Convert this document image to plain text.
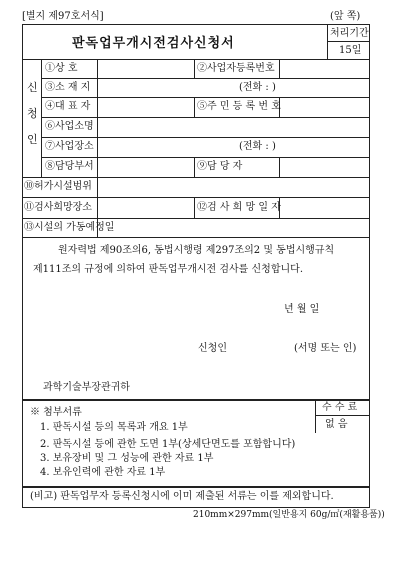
[별지 제97호서식]	(앞 쪽)
판독업무개시전검사신청서
처리기간
15일
신
청
인
①상 호	②사업자등록번호
③소 재 지	(전화 : )
④대 표 자	⑤주 민 등 록 번 호
⑥사업소명
⑦사업장소	(전화 : )
⑧담당부서	⑨담 당 자
⑩허가시설범위
⑪검사희망장소	⑫검 사 희 망 일 자
⑬시설의 가동예정일
원자력법 제90조의6, 동법시행령 제297조의2 및 동법시행규칙
제111조의 규정에 의하여 판독업무개시전 검사를 신청합니다.
년 월 일
신청인	(서명 또는 인)
과학기술부장관귀하
수 수 료
없 음
※ 첨부서류
1. 판독시설 등의 목록과 개요 1부
2. 판독시설 등에 관한 도면 1부(상세단면도를 포함합니다)
3. 보유장비 및 그 성능에 관한 자료 1부
4. 보유인력에 관한 자료 1부
(비고) 판독업무자 등록신청시에 이미 제출된 서류는 이를 제외합니다.
210mm×297mm(일반용지 60g/㎡(재활용품))
